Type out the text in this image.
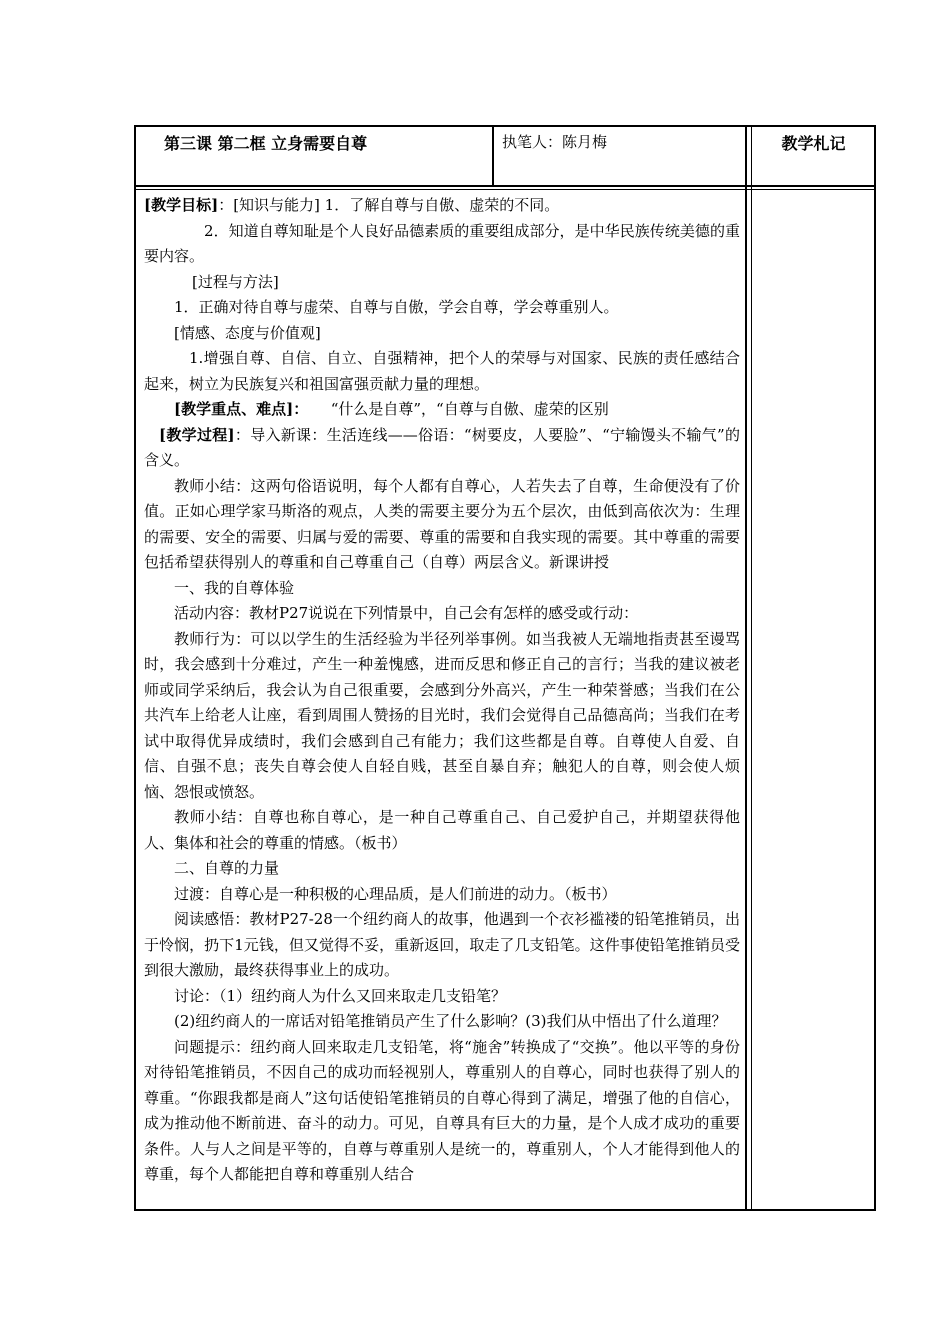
第三课 第二框 立身需要自尊	执笔人：陈月梅	教学札记

[教学目标]：[知识与能力] 1．了解自尊与自傲、虚荣的不同。

2．知道自尊知耻是个人良好品德素质的重要组成部分，是中华民族传统美德的重要内容。

[过程与方法]

1．正确对待自尊与虚荣、自尊与自傲，学会自尊，学会尊重别人。

[情感、态度与价值观]

1.增强自尊、自信、自立、自强精神，把个人的荣辱与对国家、民族的责任感结合起来，树立为民族复兴和祖国富强贡献力量的理想。

[教学重点、难点]：　　 “什么是自尊”，“自尊与自傲、虚荣的区别

[教学过程]：导入新课：生活连线——俗语：“树要皮，人要脸”、“宁输馒头不输气”的含义。

教师小结：这两句俗语说明，每个人都有自尊心，人若失去了自尊，生命便没有了价值。正如心理学家马斯洛的观点，人类的需要主要分为五个层次，由低到高依次为：生理的需要、安全的需要、归属与爱的需要、尊重的需要和自我实现的需要。其中尊重的需要包括希望获得别人的尊重和自己尊重自己（自尊）两层含义。新课讲授

一、我的自尊体验

活动内容：教材P27说说在下列情景中，自己会有怎样的感受或行动：

教师行为：可以以学生的生活经验为半径列举事例。如当我被人无端地指责甚至谩骂时，我会感到十分难过，产生一种羞愧感，进而反思和修正自己的言行；当我的建议被老师或同学采纳后，我会认为自己很重要，会感到分外高兴，产生一种荣誉感；当我们在公共汽车上给老人让座，看到周围人赞扬的目光时，我们会觉得自己品德高尚；当我们在考试中取得优异成绩时，我们会感到自己有能力；我们这些都是自尊。自尊使人自爱、自信、自强不息；丧失自尊会使人自轻自贱，甚至自暴自弃；触犯人的自尊，则会使人烦恼、怨恨或愤怒。

教师小结：自尊也称自尊心，是一种自己尊重自己、自己爱护自己，并期望获得他人、集体和社会的尊重的情感。（板书）

二、自尊的力量

过渡：自尊心是一种积极的心理品质，是人们前进的动力。（板书）

阅读感悟：教材P27-28一个纽约商人的故事，他遇到一个衣衫褴褛的铅笔推销员，出于怜悯，扔下1元钱，但又觉得不妥，重新返回，取走了几支铅笔。这件事使铅笔推销员受到很大激励，最终获得事业上的成功。

讨论：（1）纽约商人为什么又回来取走几支铅笔？

(2)纽约商人的一席话对铅笔推销员产生了什么影响？(3)我们从中悟出了什么道理？

问题提示：纽约商人回来取走几支铅笔，将“施舍”转换成了“交换”。他以平等的身份对待铅笔推销员，不因自己的成功而轻视别人，尊重别人的自尊心，同时也获得了别人的尊重。“你跟我都是商人”这句话使铅笔推销员的自尊心得到了满足，增强了他的自信心，成为推动他不断前进、奋斗的动力。可见，自尊具有巨大的力量，是个人成才成功的重要条件。人与人之间是平等的，自尊与尊重别人是统一的，尊重别人，个人才能得到他人的尊重，每个人都能把自尊和尊重别人结合
